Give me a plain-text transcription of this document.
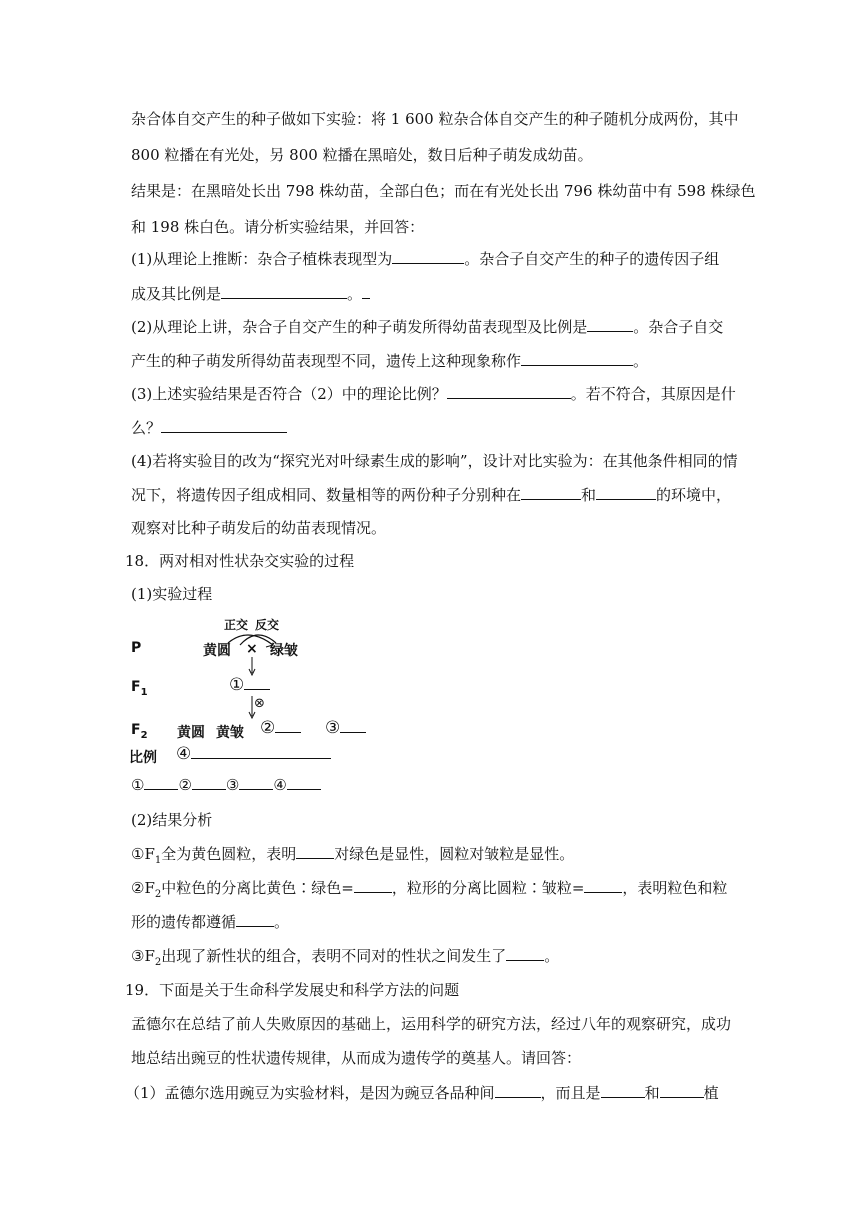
杂合体自交产生的种子做如下实验：将 1 600 粒杂合体自交产生的种子随机分成两份，其中
800 粒播在有光处，另 800 粒播在黑暗处，数日后种子萌发成幼苗。
结果是：在黑暗处长出 798 株幼苗，全部白色；而在有光处长出 796 株幼苗中有 598 株绿色
和 198 株白色。请分析实验结果，并回答：
(1)从理论上推断：杂合子植株表现型为	。杂合子自交产生的种子的遗传因子组
成及其比例是	。
(2)从理论上讲，杂合子自交产生的种子萌发所得幼苗表现型及比例是	。杂合子自交
产生的种子萌发所得幼苗表现型不同，遗传上这种现象称作	。
(3)上述实验结果是否符合（2）中的理论比例？	。若不符合，其原因是什
么？
(4)若将实验目的改为“探究光对叶绿素生成的影响”，设计对比实验为：在其他条件相同的情
况下，将遗传因子组成相同、数量相等的两份种子分别种在	和	的环境中，
观察对比种子萌发后的幼苗表现情况。
18．两对相对性状杂交实验的过程
(1)实验过程
正交 反交
P	黄圆 × 绿皱
$F_1$	①
⊗
$F_2$ 黄圆 黄皱 ②	③
比例 ④
① ② ③ ④
(2)结果分析
$①F_1$全为黄色圆粒，表明	对绿色是显性，圆粒对皱粒是显性。
$②F_2$中粒色的分离比黄色∶绿色=	，粒形的分离比圆粒∶皱粒=	，表明粒色和粒
形的遗传都遵循	。
$③F_2$出现了新性状的组合，表明不同对的性状之间发生了	。
19．下面是关于生命科学发展史和科学方法的问题
孟德尔在总结了前人失败原因的基础上，运用科学的研究方法，经过八年的观察研究，成功
地总结出豌豆的性状遗传规律，从而成为遗传学的奠基人。请回答：
（1）孟德尔选用豌豆为实验材料，是因为豌豆各品种间	，而且是	和	植
